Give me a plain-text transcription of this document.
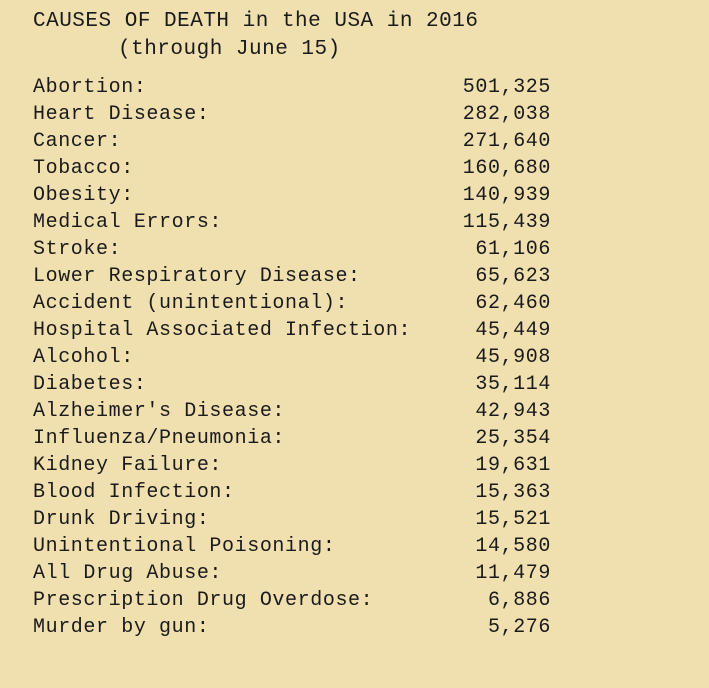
CAUSES OF DEATH in the USA in 2016
(through June 15)
Abortion:	501,325
Heart Disease:	282,038
Cancer:	271,640
Tobacco:	160,680
Obesity:	140,939
Medical Errors:	115,439
Stroke:	61,106
Lower Respiratory Disease:	65,623
Accident (unintentional):	62,460
Hospital Associated Infection:	45,449
Alcohol:	45,908
Diabetes:	35,114
Alzheimer's Disease:	42,943
Influenza/Pneumonia:	25,354
Kidney Failure:	19,631
Blood Infection:	15,363
Drunk Driving:	15,521
Unintentional Poisoning:	14,580
All Drug Abuse:	11,479
Prescription Drug Overdose:	6,886
Murder by gun:	5,276
